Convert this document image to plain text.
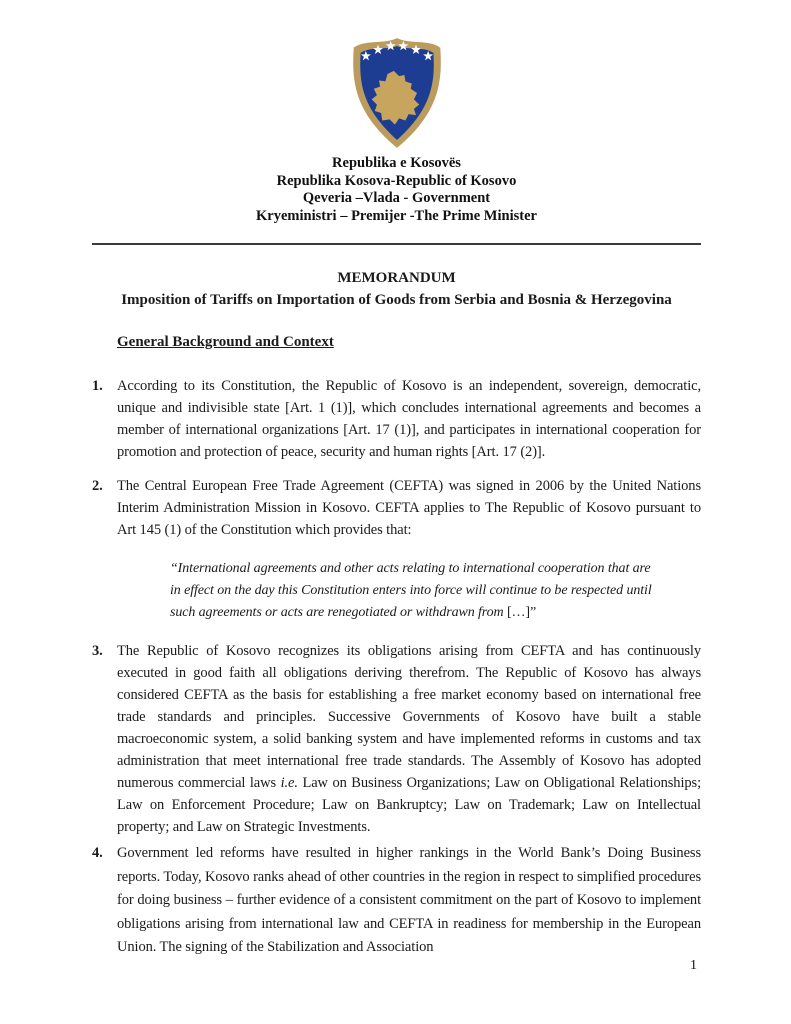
Republika e Kosovës
Republika Kosova-Republic of Kosovo
Qeveria –Vlada - Government
Kryeministri – Premijer -The Prime Minister
MEMORANDUM
Imposition of Tariffs on Importation of Goods from Serbia and Bosnia & Herzegovina
General Background and Context
1. According to its Constitution, the Republic of Kosovo is an independent, sovereign, democratic, unique and indivisible state [Art. 1 (1)], which concludes international agreements and becomes a member of international organizations [Art. 17 (1)], and participates in international cooperation for promotion and protection of peace, security and human rights [Art. 17 (2)].
2. The Central European Free Trade Agreement (CEFTA) was signed in 2006 by the United Nations Interim Administration Mission in Kosovo. CEFTA applies to The Republic of Kosovo pursuant to Art 145 (1) of the Constitution which provides that:
“International agreements and other acts relating to international cooperation that are in effect on the day this Constitution enters into force will continue to be respected until such agreements or acts are renegotiated or withdrawn from […]”
3. The Republic of Kosovo recognizes its obligations arising from CEFTA and has continuously executed in good faith all obligations deriving therefrom. The Republic of Kosovo has always considered CEFTA as the basis for establishing a free market economy based on international free trade standards and principles. Successive Governments of Kosovo have built a stable macroeconomic system, a solid banking system and have implemented reforms in customs and tax administration that meet international free trade standards. The Assembly of Kosovo has adopted numerous commercial laws i.e. Law on Business Organizations; Law on Obligational Relationships; Law on Enforcement Procedure; Law on Bankruptcy; Law on Trademark; Law on Intellectual property; and Law on Strategic Investments.
4. Government led reforms have resulted in higher rankings in the World Bank’s Doing Business reports. Today, Kosovo ranks ahead of other countries in the region in respect to simplified procedures for doing business – further evidence of a consistent commitment on the part of Kosovo to implement obligations arising from international law and CEFTA in readiness for membership in the European Union. The signing of the Stabilization and Association
1
